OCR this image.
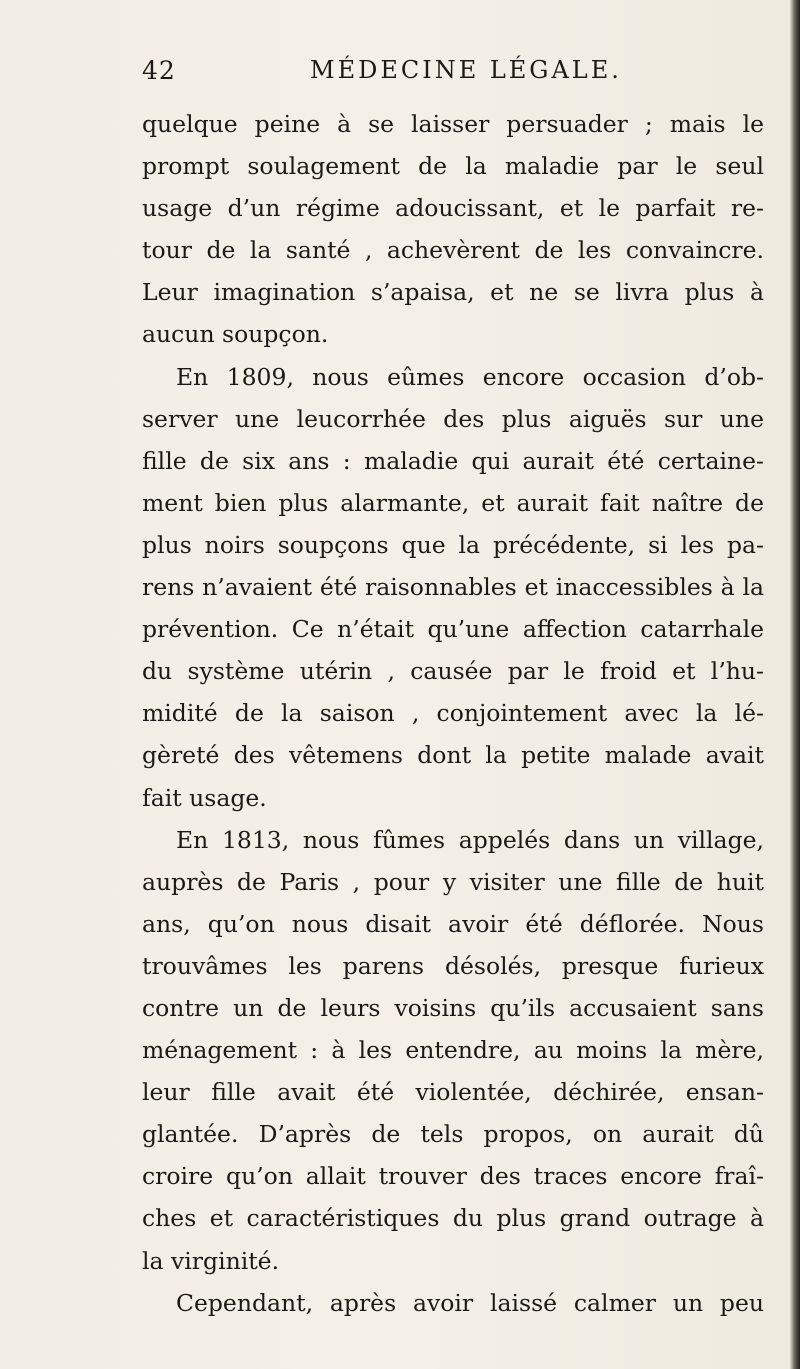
42	MÉDECINE LÉGALE.
quelque peine à se laisser persuader ; mais le
prompt soulagement de la maladie par le seul
usage d’un régime adoucissant, et le parfait re-
tour de la santé , achevèrent de les convaincre.
Leur imagination s’apaisa, et ne se livra plus à
aucun soupçon.
En 1809, nous eûmes encore occasion d’ob-
server une leucorrhée des plus aiguës sur une
fille de six ans : maladie qui aurait été certaine-
ment bien plus alarmante, et aurait fait naître de
plus noirs soupçons que la précédente, si les pa-
rens n’avaient été raisonnables et inaccessibles à la
prévention. Ce n’était qu’une affection catarrhale
du système utérin , causée par le froid et l’hu-
midité de la saison , conjointement avec la lé-
gèreté des vêtemens dont la petite malade avait
fait usage.
En 1813, nous fûmes appelés dans un village,
auprès de Paris , pour y visiter une fille de huit
ans, qu’on nous disait avoir été déflorée. Nous
trouvâmes les parens désolés, presque furieux
contre un de leurs voisins qu’ils accusaient sans
ménagement : à les entendre, au moins la mère,
leur fille avait été violentée, déchirée, ensan-
glantée. D’après de tels propos, on aurait dû
croire qu’on allait trouver des traces encore fraî-
ches et caractéristiques du plus grand outrage à
la virginité.
Cependant, après avoir laissé calmer un peu
